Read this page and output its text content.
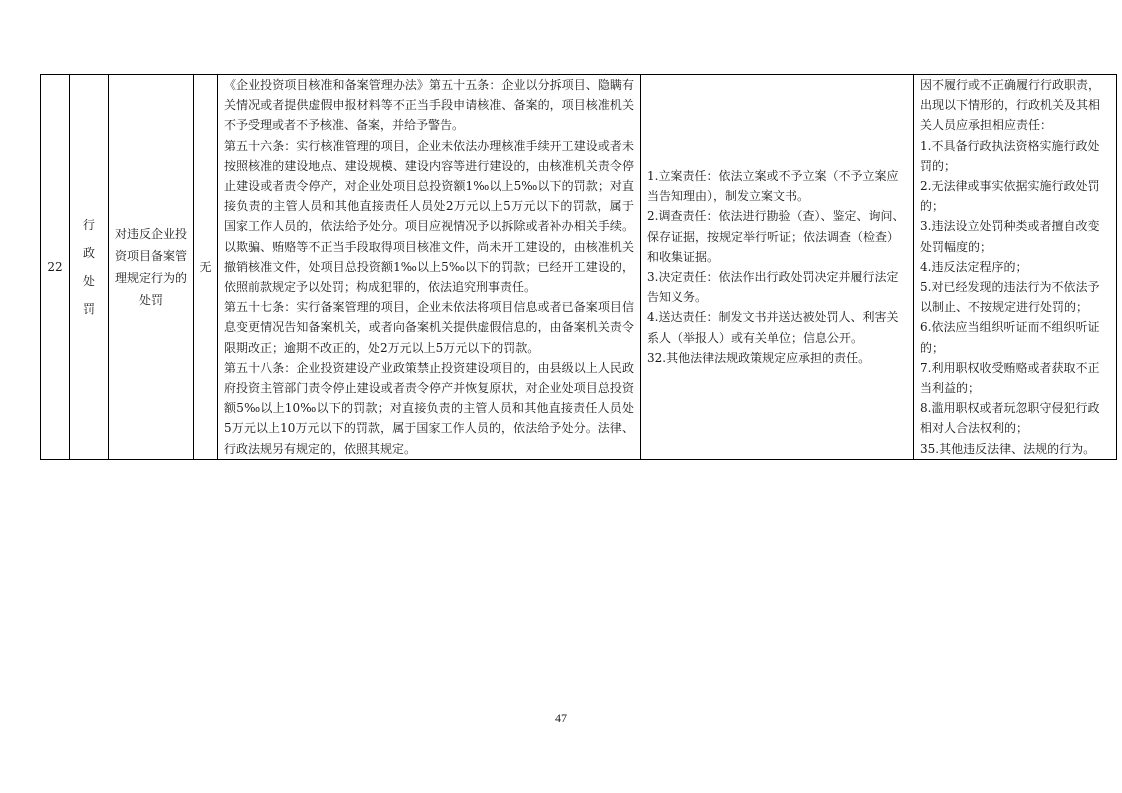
22	行政处罚	对违反企业投资项目备案管理规定行为的处罚	无	
《企业投资项目核准和备案管理办法》第五十五条：企业以分拆项目、隐瞒有关情况或者提供虚假申报材料等不正当手段申请核准、备案的，项目核准机关不予受理或者不予核准、备案，并给予警告。
第五十六条：实行核准管理的项目，企业未依法办理核准手续开工建设或者未按照核准的建设地点、建设规模、建设内容等进行建设的，由核准机关责令停止建设或者责令停产，对企业处项目总投资额1‰以上5‰以下的罚款；对直接负责的主管人员和其他直接责任人员处2万元以上5万元以下的罚款，属于国家工作人员的，依法给予处分。项目应视情况予以拆除或者补办相关手续。以欺骗、贿赂等不正当手段取得项目核准文件，尚未开工建设的，由核准机关撤销核准文件，处项目总投资额1‰以上5‰以下的罚款；已经开工建设的，依照前款规定予以处罚；构成犯罪的，依法追究刑事责任。
第五十七条：实行备案管理的项目，企业未依法将项目信息或者已备案项目信息变更情况告知备案机关，或者向备案机关提供虚假信息的，由备案机关责令限期改正；逾期不改正的，处2万元以上5万元以下的罚款。
第五十八条：企业投资建设产业政策禁止投资建设项目的，由县级以上人民政府投资主管部门责令停止建设或者责令停产并恢复原状，对企业处项目总投资额5‰以上10‰以下的罚款；对直接负责的主管人员和其他直接责任人员处5万元以上10万元以下的罚款，属于国家工作人员的，依法给予处分。法律、行政法规另有规定的，依照其规定。

1.立案责任：依法立案或不予立案（不予立案应当告知理由），制发立案文书。
2.调查责任：依法进行勘验（查）、鉴定、询问、保存证据，按规定举行听证；依法调查（检查）和收集证据。
3.决定责任：依法作出行政处罚决定并履行法定告知义务。
4.送达责任：制发文书并送达被处罚人、利害关系人（举报人）或有关单位；信息公开。
32.其他法律法规政策规定应承担的责任。

因不履行或不正确履行行政职责，出现以下情形的，行政机关及其相关人员应承担相应责任：
1.不具备行政执法资格实施行政处罚的；
2.无法律或事实依据实施行政处罚的；
3.违法设立处罚种类或者擅自改变处罚幅度的；
4.违反法定程序的；
5.对已经发现的违法行为不依法予以制止、不按规定进行处罚的；
6.依法应当组织听证而不组织听证的；
7.利用职权收受贿赂或者获取不正当利益的；
8.滥用职权或者玩忽职守侵犯行政相对人合法权利的；
35.其他违反法律、法规的行为。
47
